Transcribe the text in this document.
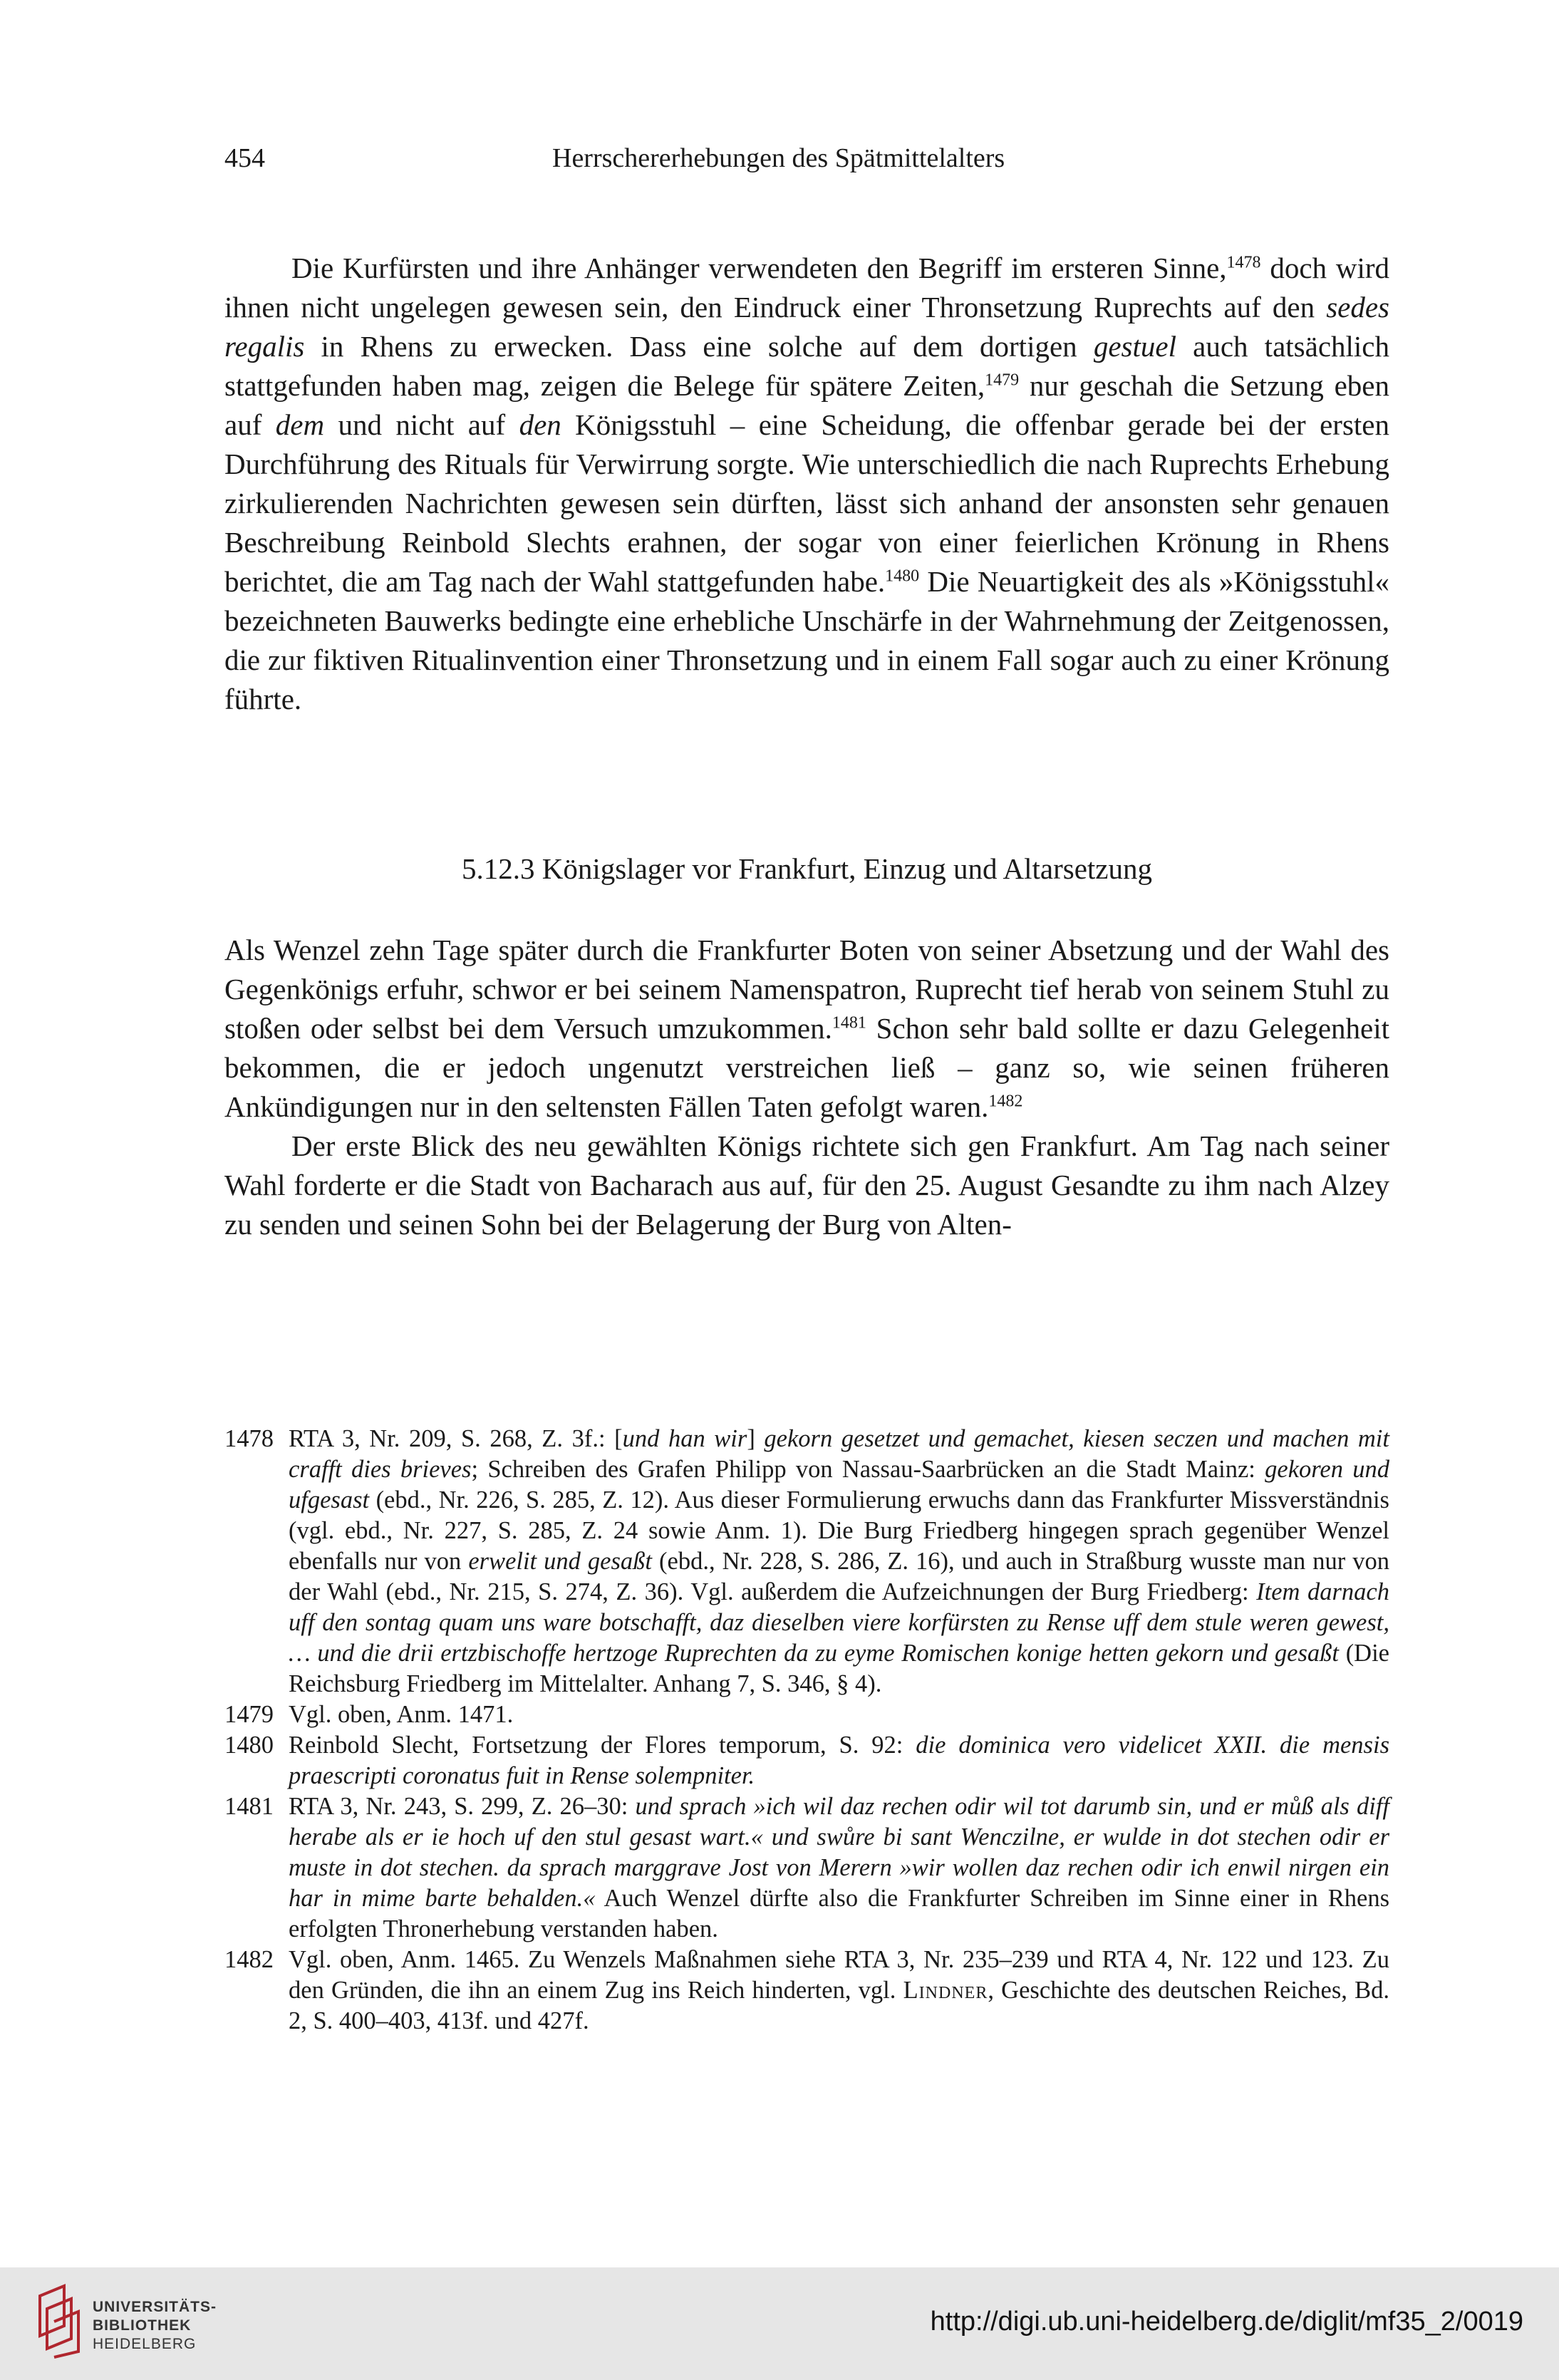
454	Herrschererhebungen des Spätmittelalters

Die Kurfürsten und ihre Anhänger verwendeten den Begriff im ersteren Sinne,$^{1478}$ doch wird ihnen nicht ungelegen gewesen sein, den Eindruck einer Thronsetzung Ruprechts auf den sedes regalis in Rhens zu erwecken. Dass eine solche auf dem dortigen gestuel auch tatsächlich stattgefunden haben mag, zeigen die Belege für spätere Zeiten,$^{1479}$ nur geschah die Setzung eben auf dem und nicht auf den Königsstuhl – eine Scheidung, die offenbar gerade bei der ersten Durchführung des Rituals für Verwirrung sorgte. Wie unterschiedlich die nach Ruprechts Erhebung zirkulierenden Nachrichten gewesen sein dürften, lässt sich anhand der ansonsten sehr genauen Beschreibung Reinbold Slechts erahnen, der sogar von einer feierlichen Krönung in Rhens berichtet, die am Tag nach der Wahl stattgefunden habe.$^{1480}$ Die Neuartigkeit des als »Königsstuhl« bezeichneten Bauwerks bedingte eine erhebliche Unschärfe in der Wahrnehmung der Zeitgenossen, die zur fiktiven Ritualinvention einer Thronsetzung und in einem Fall sogar auch zu einer Krönung führte.

5.12.3 Königslager vor Frankfurt, Einzug und Altarsetzung

Als Wenzel zehn Tage später durch die Frankfurter Boten von seiner Absetzung und der Wahl des Gegenkönigs erfuhr, schwor er bei seinem Namenspatron, Ruprecht tief herab von seinem Stuhl zu stoßen oder selbst bei dem Versuch umzukommen.$^{1481}$ Schon sehr bald sollte er dazu Gelegenheit bekommen, die er jedoch ungenutzt verstreichen ließ – ganz so, wie seinen früheren Ankündigungen nur in den seltensten Fällen Taten gefolgt waren.$^{1482}$

Der erste Blick des neu gewählten Königs richtete sich gen Frankfurt. Am Tag nach seiner Wahl forderte er die Stadt von Bacharach aus auf, für den 25. August Gesandte zu ihm nach Alzey zu senden und seinen Sohn bei der Belagerung der Burg von Alten-

1478 RTA 3, Nr. 209, S. 268, Z. 3f.: [und han wir] gekorn gesetzet und gemachet, kiesen seczen und machen mit crafft dies brieves; Schreiben des Grafen Philipp von Nassau-Saarbrücken an die Stadt Mainz: gekoren und ufgesast (ebd., Nr. 226, S. 285, Z. 12). Aus dieser Formulierung erwuchs dann das Frankfurter Missverständnis (vgl. ebd., Nr. 227, S. 285, Z. 24 sowie Anm. 1). Die Burg Friedberg hingegen sprach gegenüber Wenzel ebenfalls nur von erwelit und gesaßt (ebd., Nr. 228, S. 286, Z. 16), und auch in Straßburg wusste man nur von der Wahl (ebd., Nr. 215, S. 274, Z. 36). Vgl. außerdem die Aufzeichnungen der Burg Friedberg: Item darnach uff den sontag quam uns ware botschafft, daz dieselben viere korfürsten zu Rense uff dem stule weren gewest, … und die drii ertzbischoffe hertzoge Ruprechten da zu eyme Romischen konige hetten gekorn und gesaßt (Die Reichsburg Friedberg im Mittelalter. Anhang 7, S. 346, § 4).
1479 Vgl. oben, Anm. 1471.
1480 Reinbold Slecht, Fortsetzung der Flores temporum, S. 92: die dominica vero videlicet XXII. die mensis praescripti coronatus fuit in Rense solempniter.
1481 RTA 3, Nr. 243, S. 299, Z. 26–30: und sprach »ich wil daz rechen odir wil tot darumb sin, und er můß als diff herabe als er ie hoch uf den stul gesast wart.« und swůre bi sant Wenczilne, er wulde in dot stechen odir er muste in dot stechen. da sprach marggrave Jost von Merern »wir wollen daz rechen odir ich enwil nirgen ein har in mime barte behalden.« Auch Wenzel dürfte also die Frankfurter Schreiben im Sinne einer in Rhens erfolgten Thronerhebung verstanden haben.
1482 Vgl. oben, Anm. 1465. Zu Wenzels Maßnahmen siehe RTA 3, Nr. 235–239 und RTA 4, Nr. 122 und 123. Zu den Gründen, die ihn an einem Zug ins Reich hinderten, vgl. Lindner, Geschichte des deutschen Reiches, Bd. 2, S. 400–403, 413f. und 427f.
UNIVERSITÄTS-
BIBLIOTHEK
HEIDELBERG
http://digi.ub.uni-heidelberg.de/diglit/mf35_2/0019
